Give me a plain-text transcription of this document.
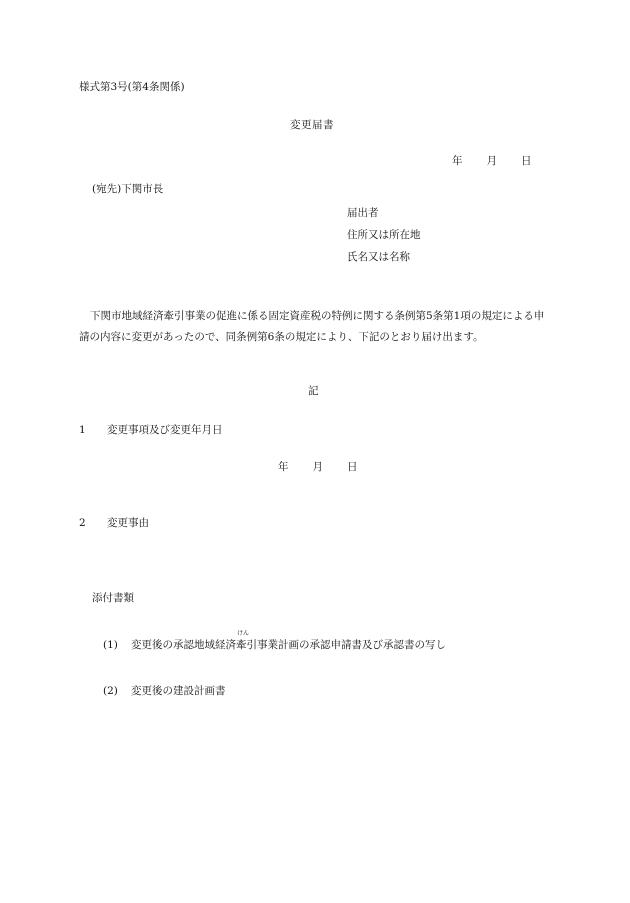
様式第3号(第4条関係)
変更届書
年 月 日
(宛先)下関市長
届出者
住所又は所在地
氏名又は名称
下関市地域経済牽引事業の促進に係る固定資産税の特例に関する条例第5条第1項の規定による申請の内容に変更があったので、同条例第6条の規定により、下記のとおり届け出ます。
記
1 変更事項及び変更年月日
年 月 日
2 変更事由
添付書類
(1) 変更後の承認地域経済
けん
牽引事業計画の承認申請書及び承認書の写し
(2) 変更後の建設計画書
